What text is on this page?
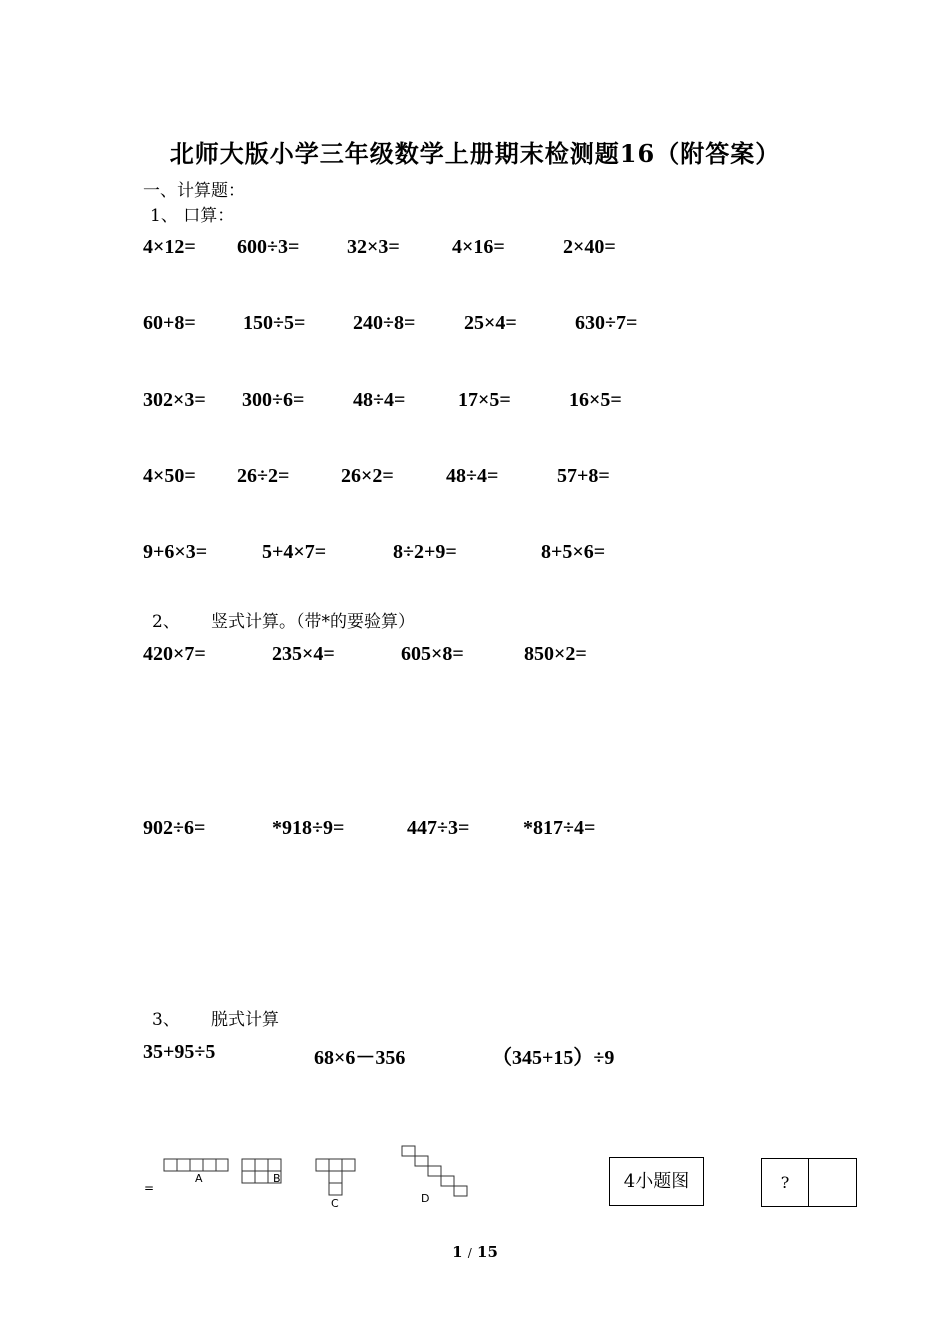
北师大版小学三年级数学上册期末检测题16（附答案）
一、计算题：
1、 口算：
4×12= 600÷3= 32×3=	4×16=	2×40=
60+8= 150÷5= 240÷8= 25×4=	630÷7=
302×3= 300÷6= 48÷4=	17×5=	16×5=
4×50= 26÷2=	26×2=	48÷4=	57+8=
9+6×3=	5+4×7=	8÷2+9=	8+5×6=
2、 竖式计算。（带*的要验算）
420×7=	235×4=	605×8=	850×2=
902÷6=	*918÷9=	447÷3=	*817÷4=
3、 脱式计算
35+95÷5	68×6－356	（345+15）÷9
=
A	B
C	D
4小题图	?
1 / 15
